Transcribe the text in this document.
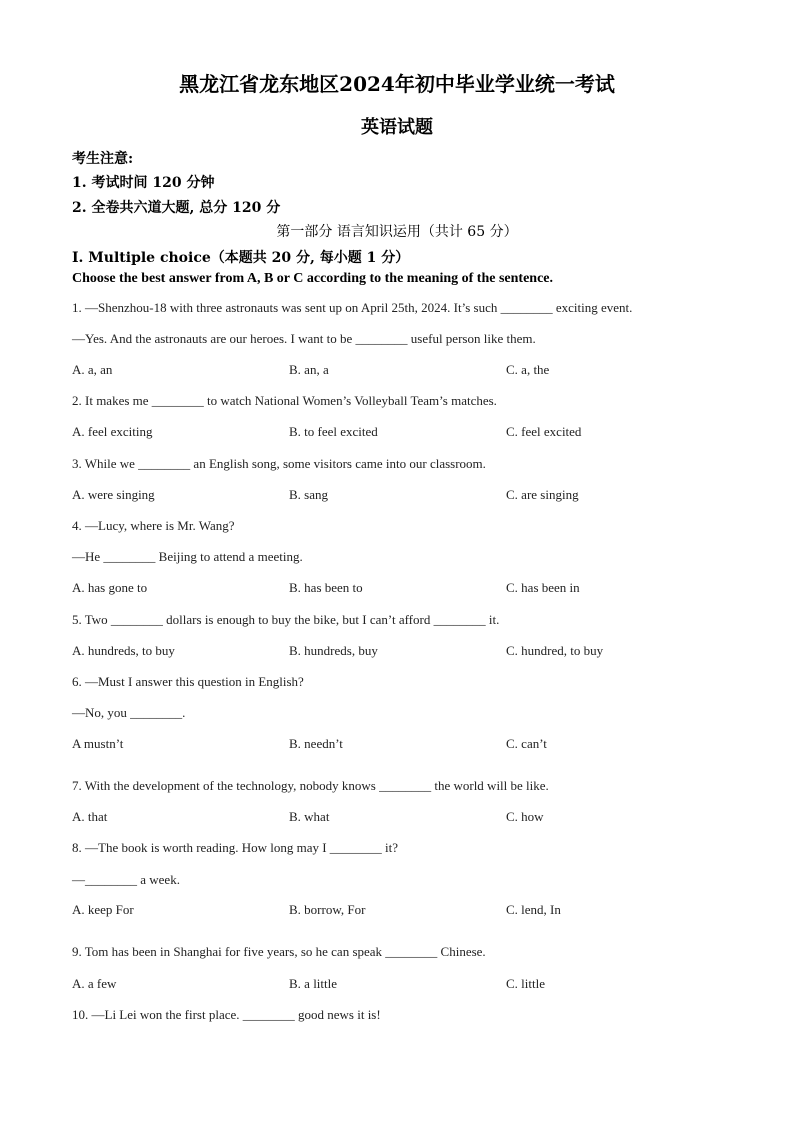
黑龙江省龙东地区2024年初中毕业学业统一考试
英语试题
考生注意:
1. 考试时间 120 分钟
2. 全卷共六道大题, 总分 120 分
第一部分 语言知识运用（共计 65 分）
I. Multiple choice（本题共 20 分, 每小题 1 分）
Choose the best answer from A, B or C according to the meaning of the sentence.
1. —Shenzhou-18 with three astronauts was sent up on April 25th, 2024. It’s such ________ exciting event.
—Yes. And the astronauts are our heroes. I want to be ________ useful person like them.
A. a, an	B. an, a	C. a, the
2. It makes me ________ to watch National Women’s Volleyball Team’s matches.
A. feel exciting	B. to feel excited	C. feel excited
3. While we ________ an English song, some visitors came into our classroom.
A. were singing	B. sang	C. are singing
4. —Lucy, where is Mr. Wang?
—He ________ Beijing to attend a meeting.
A. has gone to	B. has been to	C. has been in
5. Two ________ dollars is enough to buy the bike, but I can’t afford ________ it.
A. hundreds, to buy	B. hundreds, buy	C. hundred, to buy
6. —Must I answer this question in English?
—No, you ________.
A mustn’t	B. needn’t	C. can’t
7. With the development of the technology, nobody knows ________ the world will be like.
A. that	B. what	C. how
8. —The book is worth reading. How long may I ________ it?
—________ a week.
A. keep For	B. borrow, For	C. lend, In
9. Tom has been in Shanghai for five years, so he can speak ________ Chinese.
A. a few	B. a little	C. little
10. —Li Lei won the first place. ________ good news it is!
